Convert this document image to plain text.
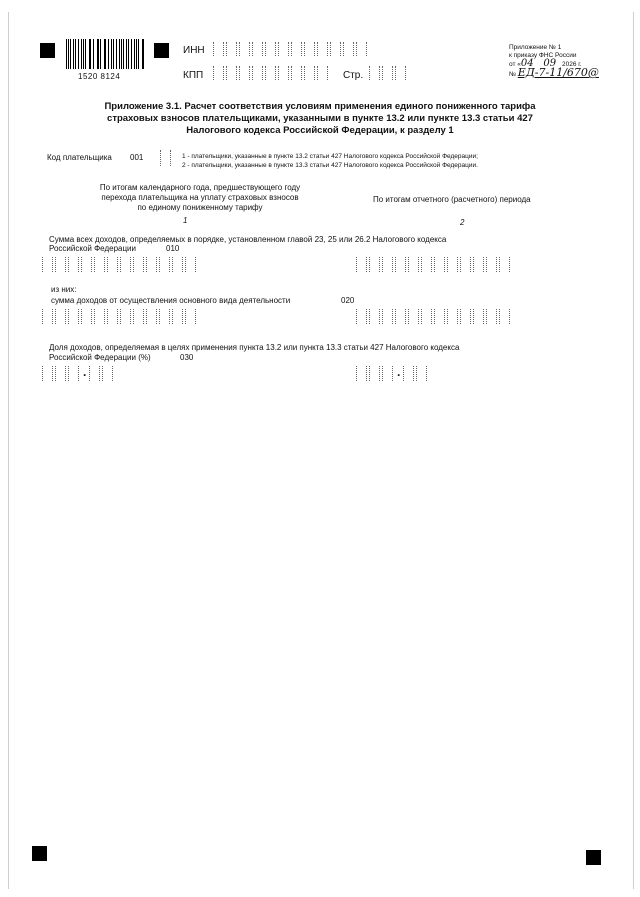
1520 8124
ИНН
КПП	Стр.
Приложение № 1
к приказу ФНС России
от «04 09 2026 г.
№ ЕД-7-11/670@
Приложение 3.1. Расчет соответствия условиям применения единого пониженного тарифа
страховых взносов плательщиками, указанными в пункте 13.2 или пункте 13.3 статьи 427
Налогового кодекса Российской Федерации, к разделу 1
Код плательщика 001	1 - плательщики, указанные в пункте 13.2 статьи 427 Налогового кодекса Российской Федерации;
2 - плательщики, указанные в пункте 13.3 статьи 427 Налогового кодекса Российской Федерации.
По итогам календарного года, предшествующего году
перехода плательщика на уплату страховых взносов
по единому пониженному тарифу
По итогам отчетного (расчетного) периода
1	2
Сумма всех доходов, определяемых в порядке, установленном главой 23, 25 или 26.2 Налогового кодекса
Российской Федерации	010
из них:
сумма доходов от осуществления основного вида деятельности	020
Доля доходов, определяемая в целях применения пункта 13.2 или пункта 13.3 статьи 427 Налогового кодекса
Российской Федерации (%)	030
·	·
